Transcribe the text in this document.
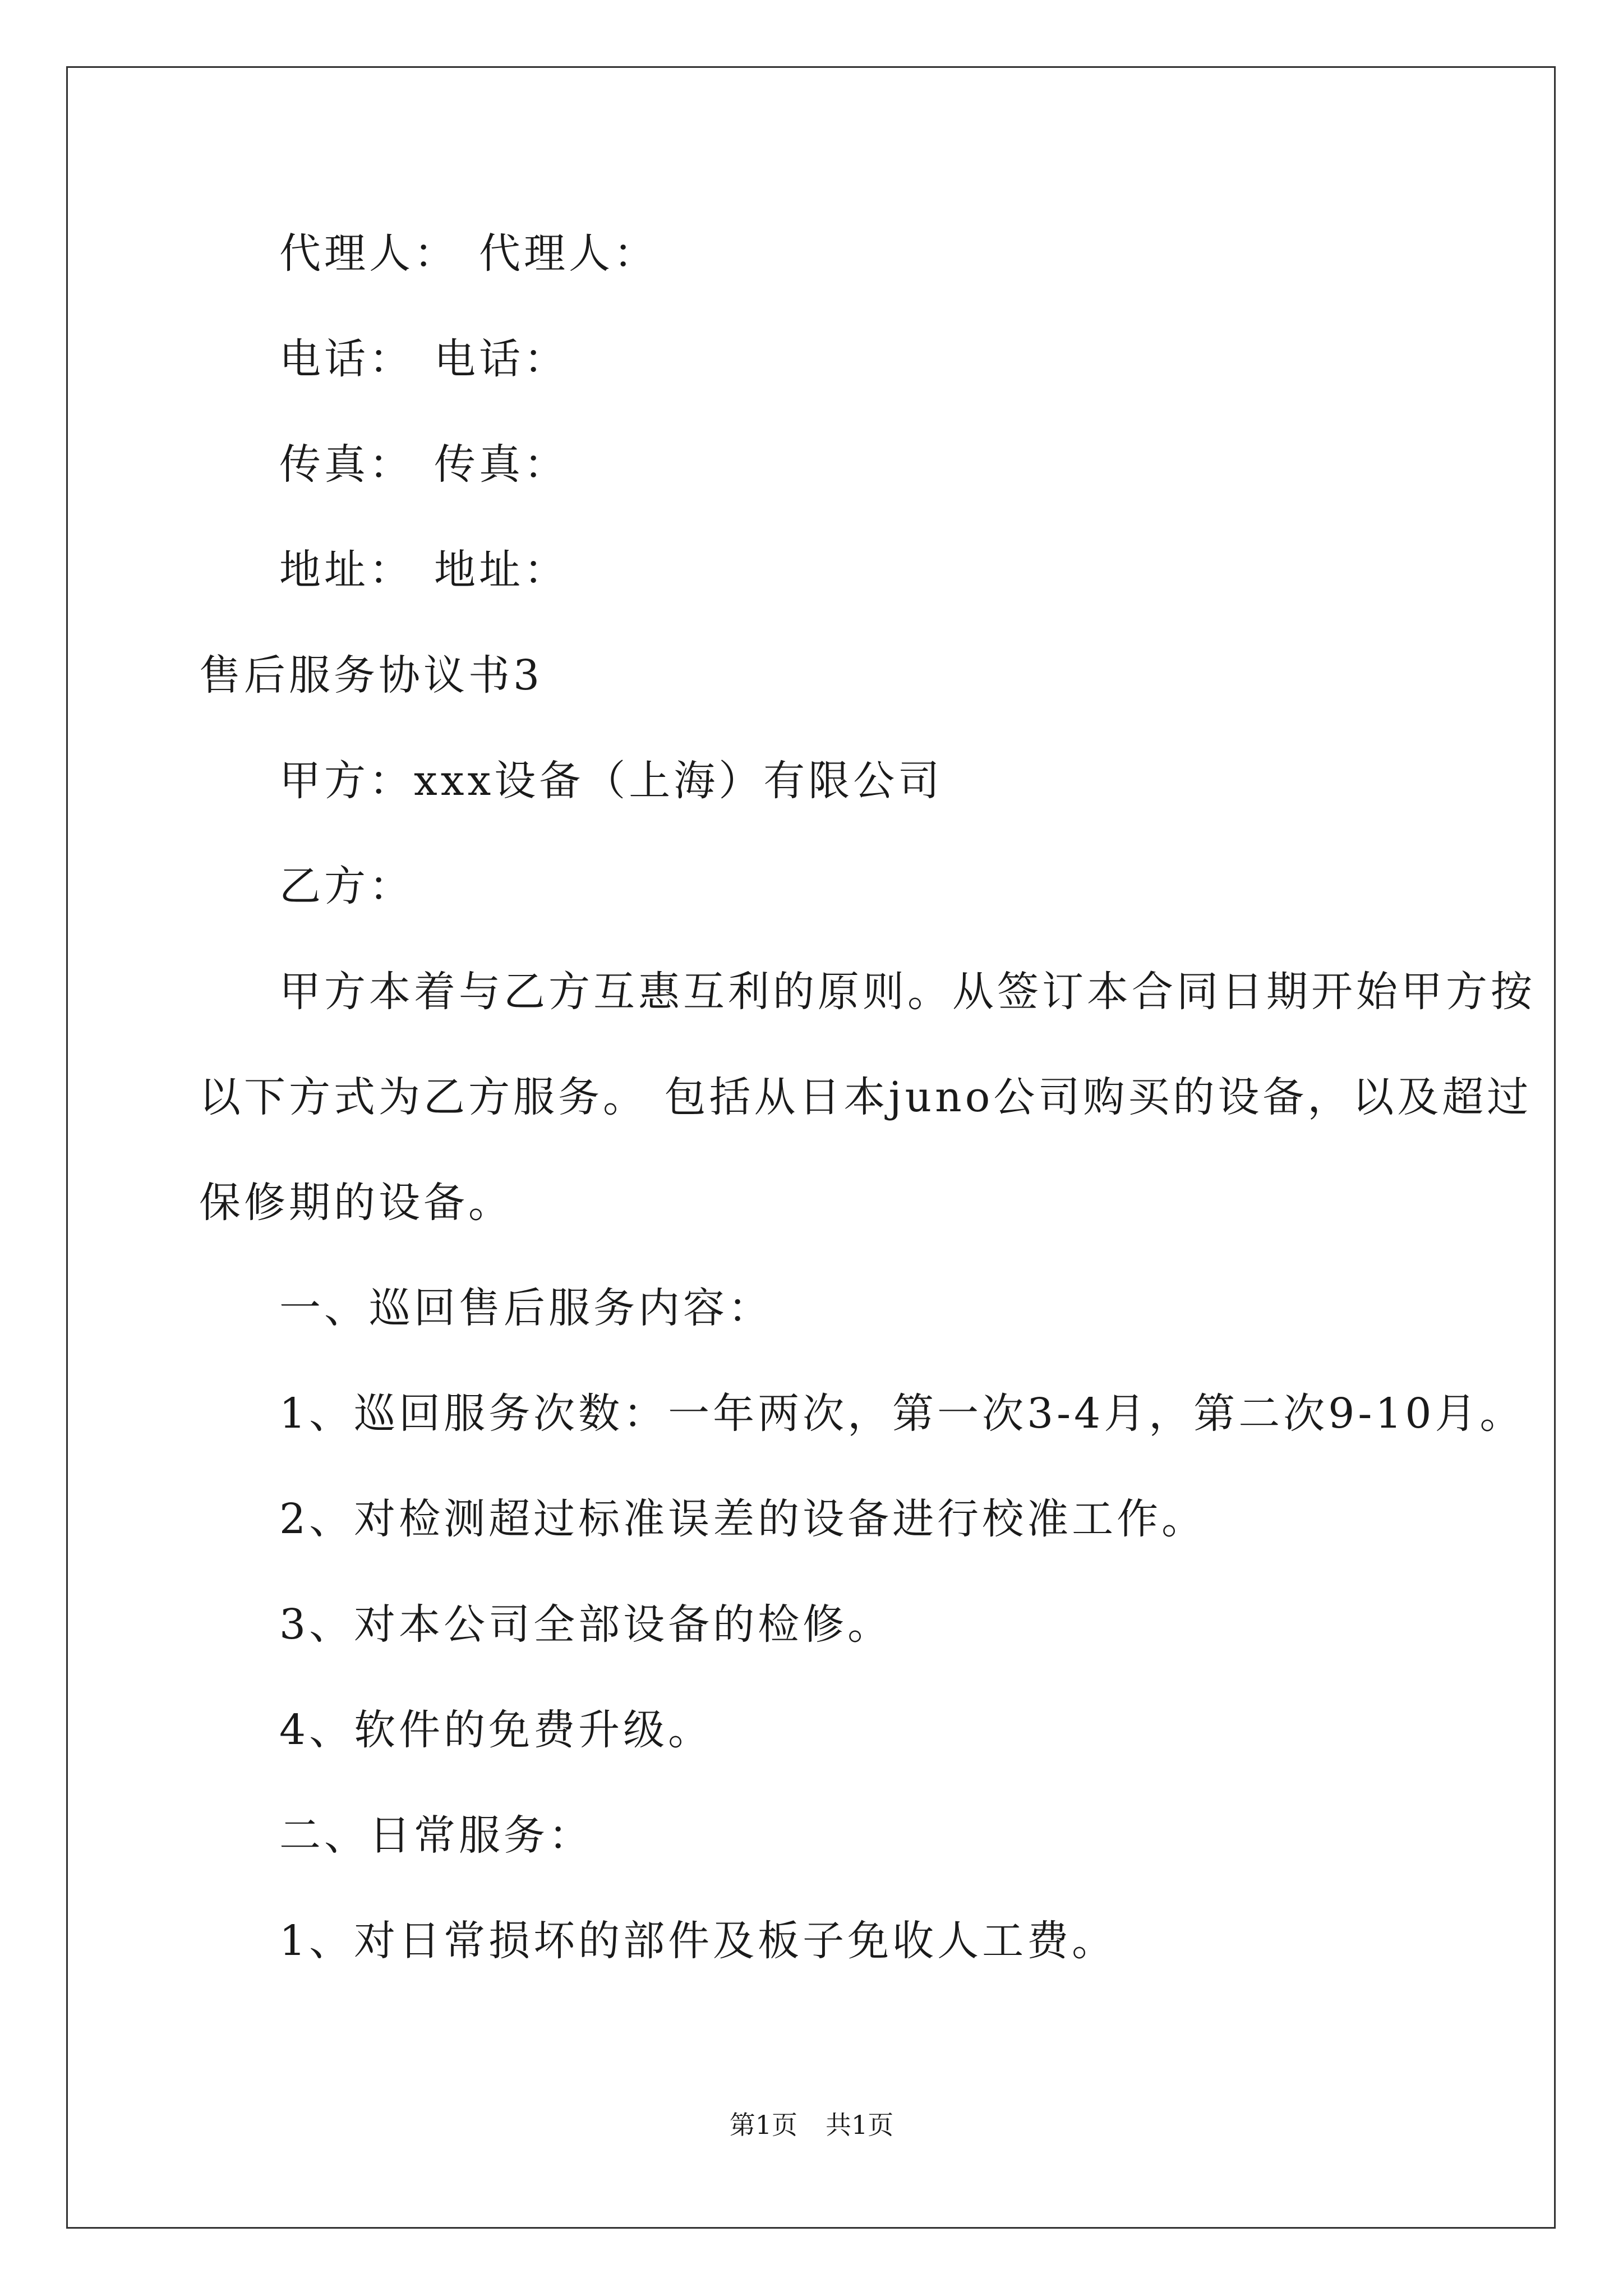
代理人： 代理人：
电话： 电话：
传真： 传真：
地址： 地址：
售后服务协议书3
甲方：xxx设备（上海）有限公司
乙方：
甲方本着与乙方互惠互利的原则。从签订本合同日期开始甲方按
以下方式为乙方服务。 包括从日本juno公司购买的设备，以及超过
保修期的设备。
一、巡回售后服务内容：
1、巡回服务次数：一年两次，第一次3-4月，第二次9-10月。
2、对检测超过标准误差的设备进行校准工作。
3、对本公司全部设备的检修。
4、软件的免费升级。
二、日常服务：
1、对日常损坏的部件及板子免收人工费。
第1页 共1页
